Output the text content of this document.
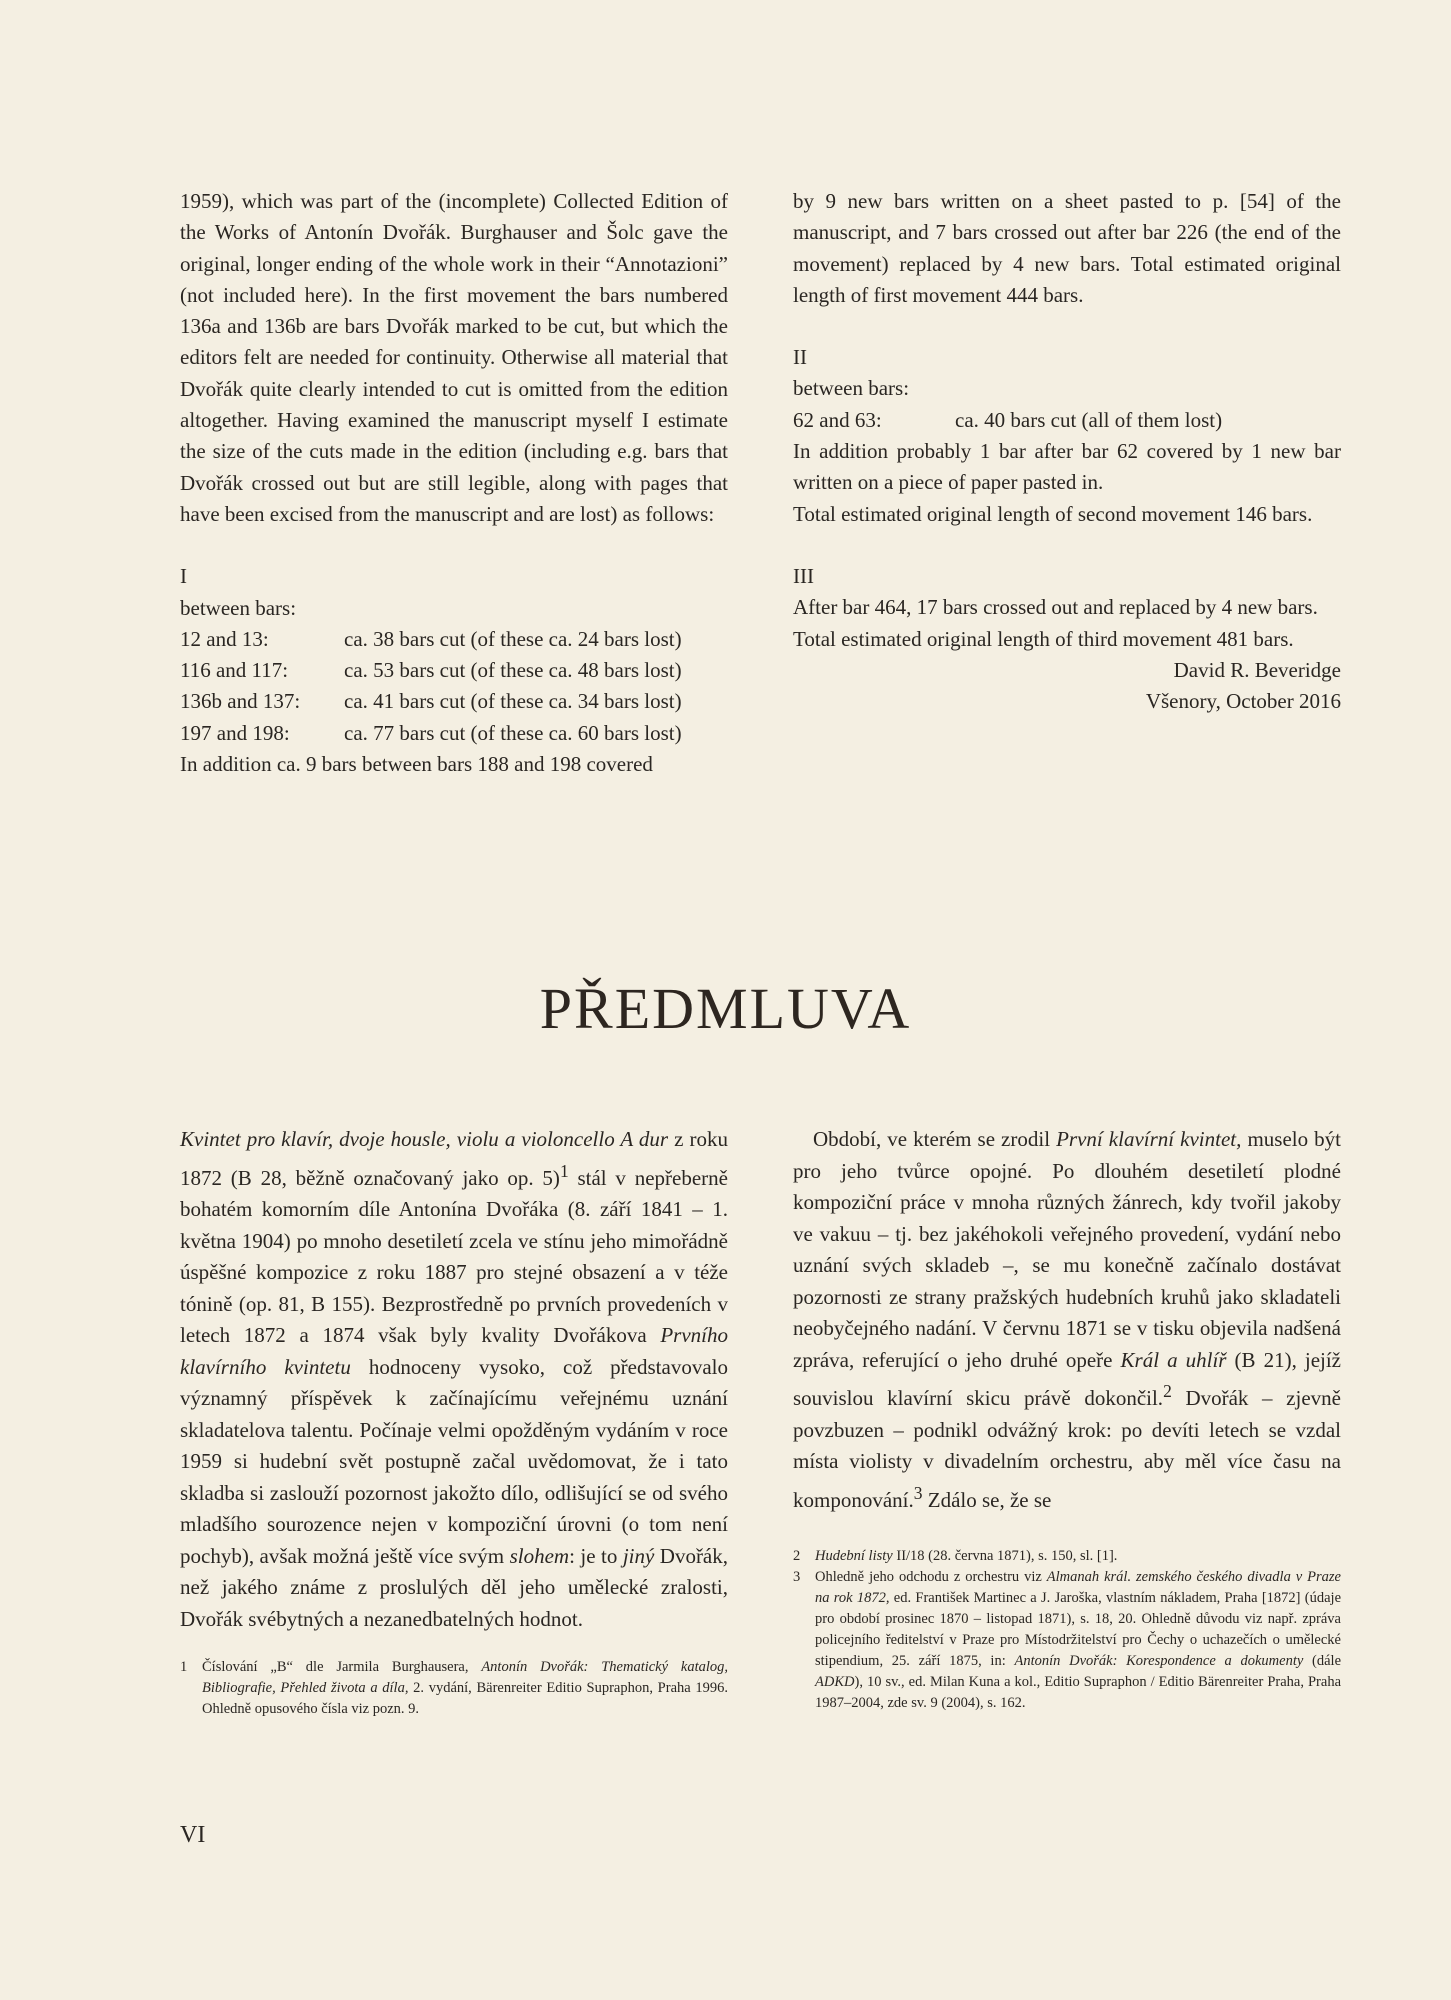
1959), which was part of the (incomplete) Collected Edition of the Works of Antonín Dvořák. Burghauser and Šolc gave the original, longer ending of the whole work in their “Annotazioni” (not included here). In the first movement the bars numbered 136a and 136b are bars Dvořák marked to be cut, but which the editors felt are needed for continuity. Otherwise all material that Dvořák quite clearly intended to cut is omitted from the edition altogether. Having examined the manuscript myself I estimate the size of the cuts made in the edition (including e.g. bars that Dvořák crossed out but are still legible, along with pages that have been excised from the manuscript and are lost) as follows:

I

between bars:

12 and 13:	ca. 38 bars cut (of these ca. 24 bars lost)
116 and 117:	ca. 53 bars cut (of these ca. 48 bars lost)
136b and 137:	ca. 41 bars cut (of these ca. 34 bars lost)
197 and 198:	ca. 77 bars cut (of these ca. 60 bars lost)

In addition ca. 9 bars between bars 188 and 198 covered

by 9 new bars written on a sheet pasted to p. [54] of the manuscript, and 7 bars crossed out after bar 226 (the end of the movement) replaced by 4 new bars. Total estimated original length of first movement 444 bars.

II

between bars:

62 and 63:	ca. 40 bars cut (all of them lost)

In addition probably 1 bar after bar 62 covered by 1 new bar written on a piece of paper pasted in.

Total estimated original length of second movement 146 bars.

III

After bar 464, 17 bars crossed out and replaced by 4 new bars.

Total estimated original length of third movement 481 bars.

David R. Beveridge

Všenory, October 2016

PŘEDMLUVA

Kvintet pro klavír, dvoje housle, violu a violoncello A dur z roku 1872 (B 28, běžně označovaný jako op. 5)$^1$ stál v nepřeberně bohatém komorním díle Antonína Dvořáka (8. září 1841 – 1. května 1904) po mnoho desetiletí zcela ve stínu jeho mimořádně úspěšné kompozice z roku 1887 pro stejné obsazení a v téže tónině (op. 81, B 155). Bezprostředně po prvních provedeních v letech 1872 a 1874 však byly kvality Dvořákova Prvního klavírního kvintetu hodnoceny vysoko, což představovalo významný příspěvek k začínajícímu veřejnému uznání skladatelova talentu. Počínaje velmi opožděným vydáním v roce 1959 si hudební svět postupně začal uvědomovat, že i tato skladba si zaslouží pozornost jakožto dílo, odlišující se od svého mladšího sourozence nejen v kompoziční úrovni (o tom není pochyb), avšak možná ještě více svým slohem: je to jiný Dvořák, než jakého známe z proslulých děl jeho umělecké zralosti, Dvořák svébytných a nezanedbatelných hodnot.

1	Číslování „B“ dle Jarmila Burghausera, Antonín Dvořák: Thematický katalog, Bibliografie, Přehled života a díla, 2. vydání, Bärenreiter Editio Supraphon, Praha 1996. Ohledně opusového čísla viz pozn. 9.

Období, ve kterém se zrodil První klavírní kvintet, muselo být pro jeho tvůrce opojné. Po dlouhém desetiletí plodné kompoziční práce v mnoha různých žánrech, kdy tvořil jakoby ve vakuu – tj. bez jakéhokoli veřejného provedení, vydání nebo uznání svých skladeb –, se mu konečně začínalo dostávat pozornosti ze strany pražských hudebních kruhů jako skladateli neobyčejného nadání. V červnu 1871 se v tisku objevila nadšená zpráva, referující o jeho druhé opeře Král a uhlíř (B 21), jejíž souvislou klavírní skicu právě dokončil.$^2$ Dvořák – zjevně povzbuzen – podnikl odvážný krok: po devíti letech se vzdal místa violisty v divadelním orchestru, aby měl více času na komponování.$^3$ Zdálo se, že se

2	Hudební listy II/18 (28. června 1871), s. 150, sl. [1].
3	Ohledně jeho odchodu z orchestru viz Almanah král. zemského českého divadla v Praze na rok 1872, ed. František Martinec a J. Jaroška, vlastním nákladem, Praha [1872] (údaje pro období prosinec 1870 – listopad 1871), s. 18, 20. Ohledně důvodu viz např. zpráva policejního ředitelství v Praze pro Místodržitelství pro Čechy o uchazečích o umělecké stipendium, 25. září 1875, in: Antonín Dvořák: Korespondence a dokumenty (dále ADKD), 10 sv., ed. Milan Kuna a kol., Editio Supraphon / Editio Bärenreiter Praha, Praha 1987–2004, zde sv. 9 (2004), s. 162.
VI
